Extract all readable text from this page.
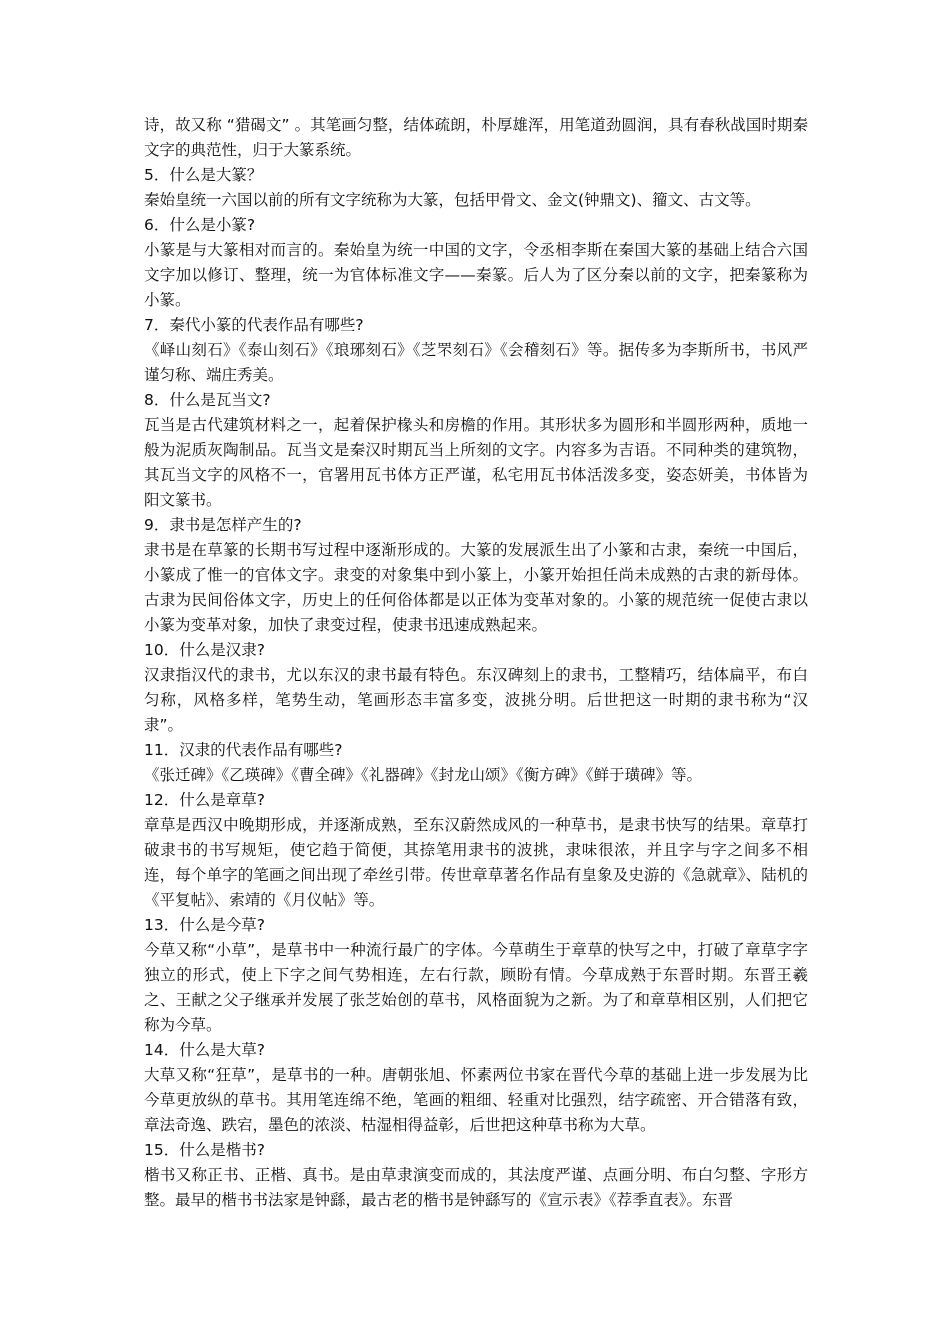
诗，故又称 “猎碣文” 。其笔画匀整，结体疏朗，朴厚雄浑，用笔道劲圆润，具有春秋战国时期秦文字的典范性，归于大篆系统。

5．什么是大篆？

秦始皇统一六国以前的所有文字统称为大篆，包括甲骨文、金文(钟鼎文)、籀文、古文等。

6．什么是小篆?

小篆是与大篆相对而言的。秦始皇为统一中国的文字，令丞相李斯在秦国大篆的基础上结合六国文字加以修订、整理，统一为官体标准文字——秦篆。后人为了区分秦以前的文字，把秦篆称为小篆。

7．秦代小篆的代表作品有哪些?

《峄山刻石》《泰山刻石》《琅琊刻石》《芝罘刻石》《会稽刻石》等。据传多为李斯所书，书风严谨匀称、端庄秀美。

8．什么是瓦当文?

瓦当是古代建筑材料之一，起着保护椽头和房檐的作用。其形状多为圆形和半圆形两种，质地一般为泥质灰陶制品。瓦当文是秦汉时期瓦当上所刻的文字。内容多为吉语。不同种类的建筑物，其瓦当文字的风格不一，官署用瓦书体方正严谨，私宅用瓦书体活泼多变，姿态妍美，书体皆为阳文篆书。

9．隶书是怎样产生的?

隶书是在草篆的长期书写过程中逐渐形成的。大篆的发展派生出了小篆和古隶，秦统一中国后，小篆成了惟一的官体文字。隶变的对象集中到小篆上，小篆开始担任尚未成熟的古隶的新母体。古隶为民间俗体文字，历史上的任何俗体都是以正体为变革对象的。小篆的规范统一促使古隶以小篆为变革对象，加快了隶变过程，使隶书迅速成熟起来。

10．什么是汉隶?

汉隶指汉代的隶书，尤以东汉的隶书最有特色。东汉碑刻上的隶书，工整精巧，结体扁平，布白匀称，风格多样，笔势生动，笔画形态丰富多变，波挑分明。后世把这一时期的隶书称为“汉隶”。

11．汉隶的代表作品有哪些?

《张迁碑》《乙瑛碑》《曹全碑》《礼器碑》《封龙山颂》《衡方碑》《鲜于璜碑》等。

12．什么是章草?

章草是西汉中晚期形成，并逐渐成熟，至东汉蔚然成风的一种草书，是隶书快写的结果。章草打破隶书的书写规矩，使它趋于简便，其捺笔用隶书的波挑，隶味很浓，并且字与字之间多不相连，每个单字的笔画之间出现了牵丝引带。传世章草著名作品有皇象及史游的《急就章》、陆机的《平复帖》、索靖的《月仪帖》等。

13．什么是今草?

今草又称“小草”，是草书中一种流行最广的字体。今草萌生于章草的快写之中，打破了章草字字独立的形式，使上下字之间气势相连，左右行款，顾盼有情。今草成熟于东晋时期。东晋王羲之、王献之父子继承并发展了张芝始创的草书，风格面貌为之新。为了和章草相区别，人们把它称为今草。

14．什么是大草?

大草又称“狂草”，是草书的一种。唐朝张旭、怀素两位书家在晋代今草的基础上进一步发展为比今草更放纵的草书。其用笔连绵不绝，笔画的粗细、轻重对比强烈，结字疏密、开合错落有致，章法奇逸、跌宕，墨色的浓淡、枯湿相得益彰，后世把这种草书称为大草。

15．什么是楷书?

楷书又称正书、正楷、真书。是由草隶演变而成的，其法度严谨、点画分明、布白匀整、字形方整。最早的楷书书法家是钟繇，最古老的楷书是钟繇写的《宣示表》《荐季直表》。东晋
